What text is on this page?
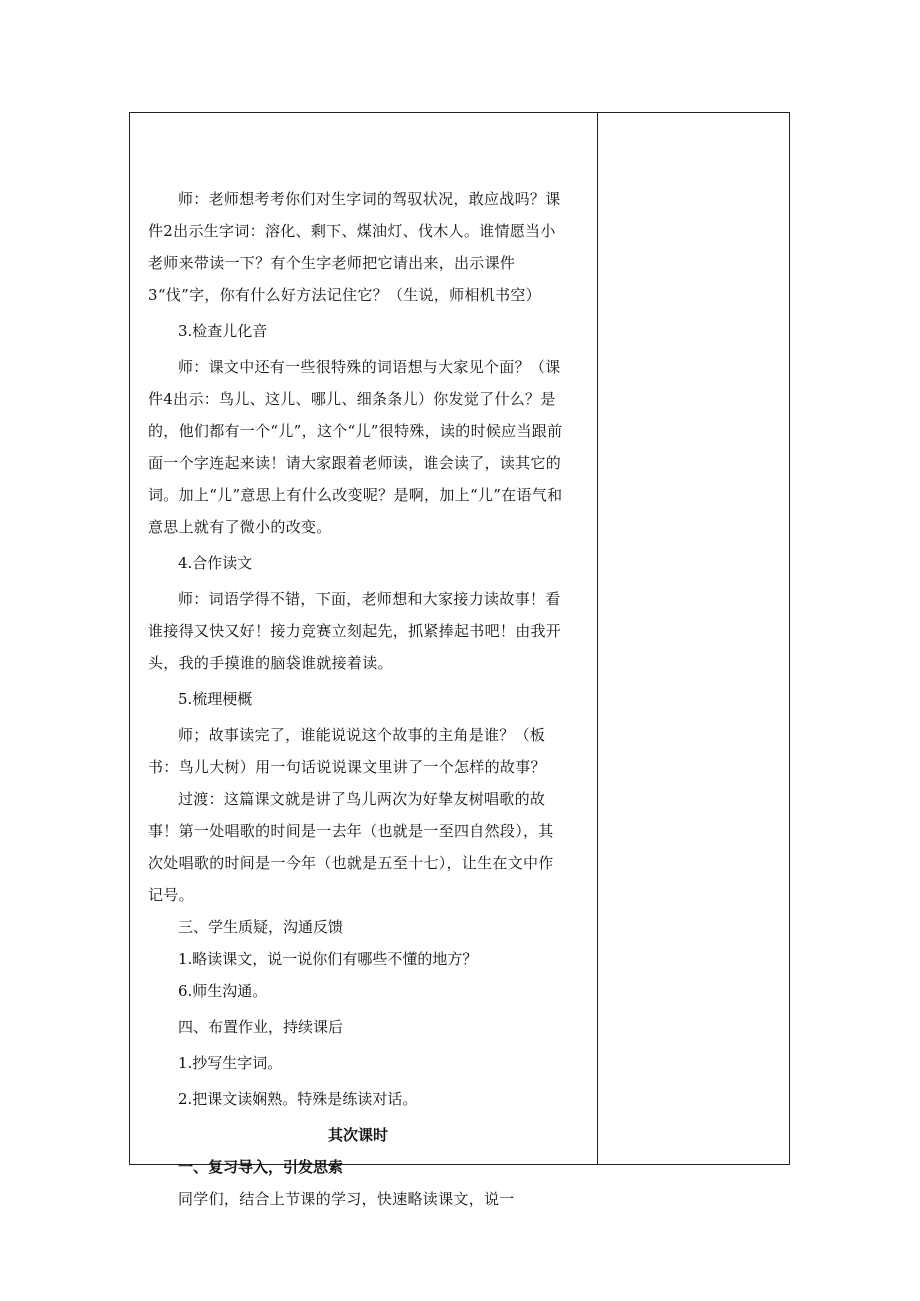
师：老师想考考你们对生字词的驾驭状况，敢应战吗？课件2出示生字词：溶化、剩下、煤油灯、伐木人。谁情愿当小老师来带读一下？有个生字老师把它请出来，出示课件3“伐”字，你有什么好方法记住它？（生说，师相机书空）

3.检查儿化音

师：课文中还有一些很特殊的词语想与大家见个面？（课件4出示：鸟儿、这儿、哪儿、细条条儿）你发觉了什么？是的，他们都有一个“儿”，这个“儿”很特殊，读的时候应当跟前面一个字连起来读！请大家跟着老师读，谁会读了，读其它的词。加上“儿”意思上有什么改变呢？是啊，加上“儿”在语气和意思上就有了微小的改变。

4.合作读文

师：词语学得不错，下面，老师想和大家接力读故事！看谁接得又快又好！接力竞赛立刻起先，抓紧捧起书吧！由我开头，我的手摸谁的脑袋谁就接着读。

5.梳理梗概

师；故事读完了，谁能说说这个故事的主角是谁？（板书：鸟儿大树）用一句话说说课文里讲了一个怎样的故事？

过渡：这篇课文就是讲了鸟儿两次为好挚友树唱歌的故事！第一处唱歌的时间是一去年（也就是一至四自然段），其次处唱歌的时间是一今年（也就是五至十七），让生在文中作记号。

三、学生质疑，沟通反馈

1.略读课文，说一说你们有哪些不懂的地方？

6.师生沟通。

四、布置作业，持续课后

1.抄写生字词。

2.把课文读娴熟。特殊是练读对话。

其次课时

一、复习导入，引发思索

同学们，结合上节课的学习，快速略读课文，说一
